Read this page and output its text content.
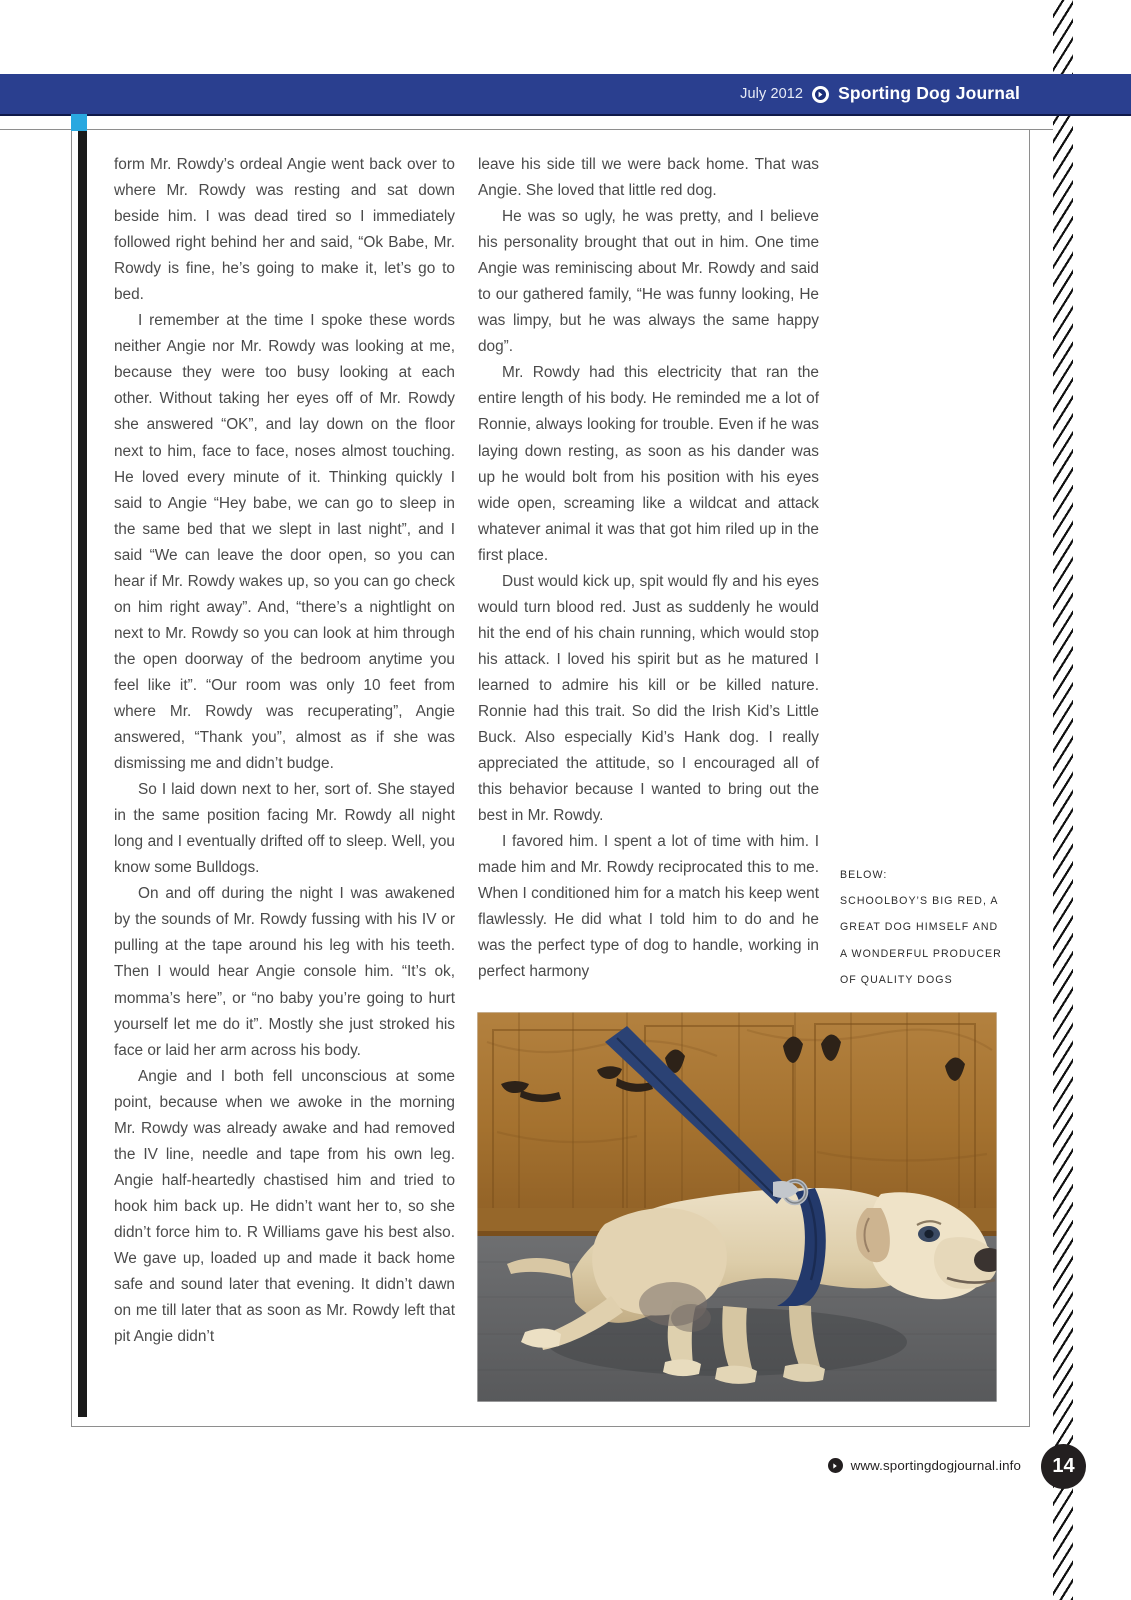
July 2012 Sporting Dog Journal

form Mr. Rowdy’s ordeal Angie went back over to where Mr. Rowdy was resting and sat down beside him. I was dead tired so I immediately followed right behind her and said, “Ok Babe, Mr. Rowdy is fine, he’s going to make it, let’s go to bed.

I remember at the time I spoke these words neither Angie nor Mr. Rowdy was looking at me, because they were too busy looking at each other. Without taking her eyes off of Mr. Rowdy she answered “OK”, and lay down on the floor next to him, face to face, noses almost touching. He loved every minute of it. Thinking quickly I said to Angie “Hey babe, we can go to sleep in the same bed that we slept in last night”, and I said “We can leave the door open, so you can hear if Mr. Rowdy wakes up, so you can go check on him right away”. And, “there’s a nightlight on next to Mr. Rowdy so you can look at him through the open doorway of the bedroom anytime you feel like it”. “Our room was only 10 feet from where Mr. Rowdy was recuperating”, Angie answered, “Thank you”, almost as if she was dismissing me and didn’t budge.

So I laid down next to her, sort of. She stayed in the same position facing Mr. Rowdy all night long and I eventually drifted off to sleep. Well, you know some Bulldogs.

On and off during the night I was awakened by the sounds of Mr. Rowdy fussing with his IV or pulling at the tape around his leg with his teeth. Then I would hear Angie console him. “It’s ok, momma’s here”, or “no baby you’re going to hurt yourself let me do it”. Mostly she just stroked his face or laid her arm across his body.

Angie and I both fell unconscious at some point, because when we awoke in the morning Mr. Rowdy was already awake and had removed the IV line, needle and tape from his own leg. Angie half-heartedly chastised him and tried to hook him back up. He didn’t want her to, so she didn’t force him to. R Williams gave his best also. We gave up, loaded up and made it back home safe and sound later that evening. It didn’t dawn on me till later that as soon as Mr. Rowdy left that pit Angie didn’t

leave his side till we were back home. That was Angie. She loved that little red dog.

He was so ugly, he was pretty, and I believe his personality brought that out in him. One time Angie was reminiscing about Mr. Rowdy and said to our gathered family, “He was funny looking, He was limpy, but he was always the same happy dog”.

Mr. Rowdy had this electricity that ran the entire length of his body. He reminded me a lot of Ronnie, always looking for trouble. Even if he was laying down resting, as soon as his dander was up he would bolt from his position with his eyes wide open, screaming like a wildcat and attack whatever animal it was that got him riled up in the first place.

Dust would kick up, spit would fly and his eyes would turn blood red. Just as suddenly he would hit the end of his chain running, which would stop his attack. I loved his spirit but as he matured I learned to admire his kill or be killed nature. Ronnie had this trait. So did the Irish Kid’s Little Buck. Also especially Kid’s Hank dog. I really appreciated the attitude, so I encouraged all of this behavior because I wanted to bring out the best in Mr. Rowdy.

I favored him. I spent a lot of time with him. I made him and Mr. Rowdy reciprocated this to me. When I conditioned him for a match his keep went flawlessly. He did what I told him to do and he was the perfect type of dog to handle, working in perfect harmony

BELOW:
SCHOOLBOY’S BIG RED, A
GREAT DOG HIMSELF AND
A WONDERFUL PRODUCER
OF QUALITY DOGS
www.sportingdogjournal.info	14
